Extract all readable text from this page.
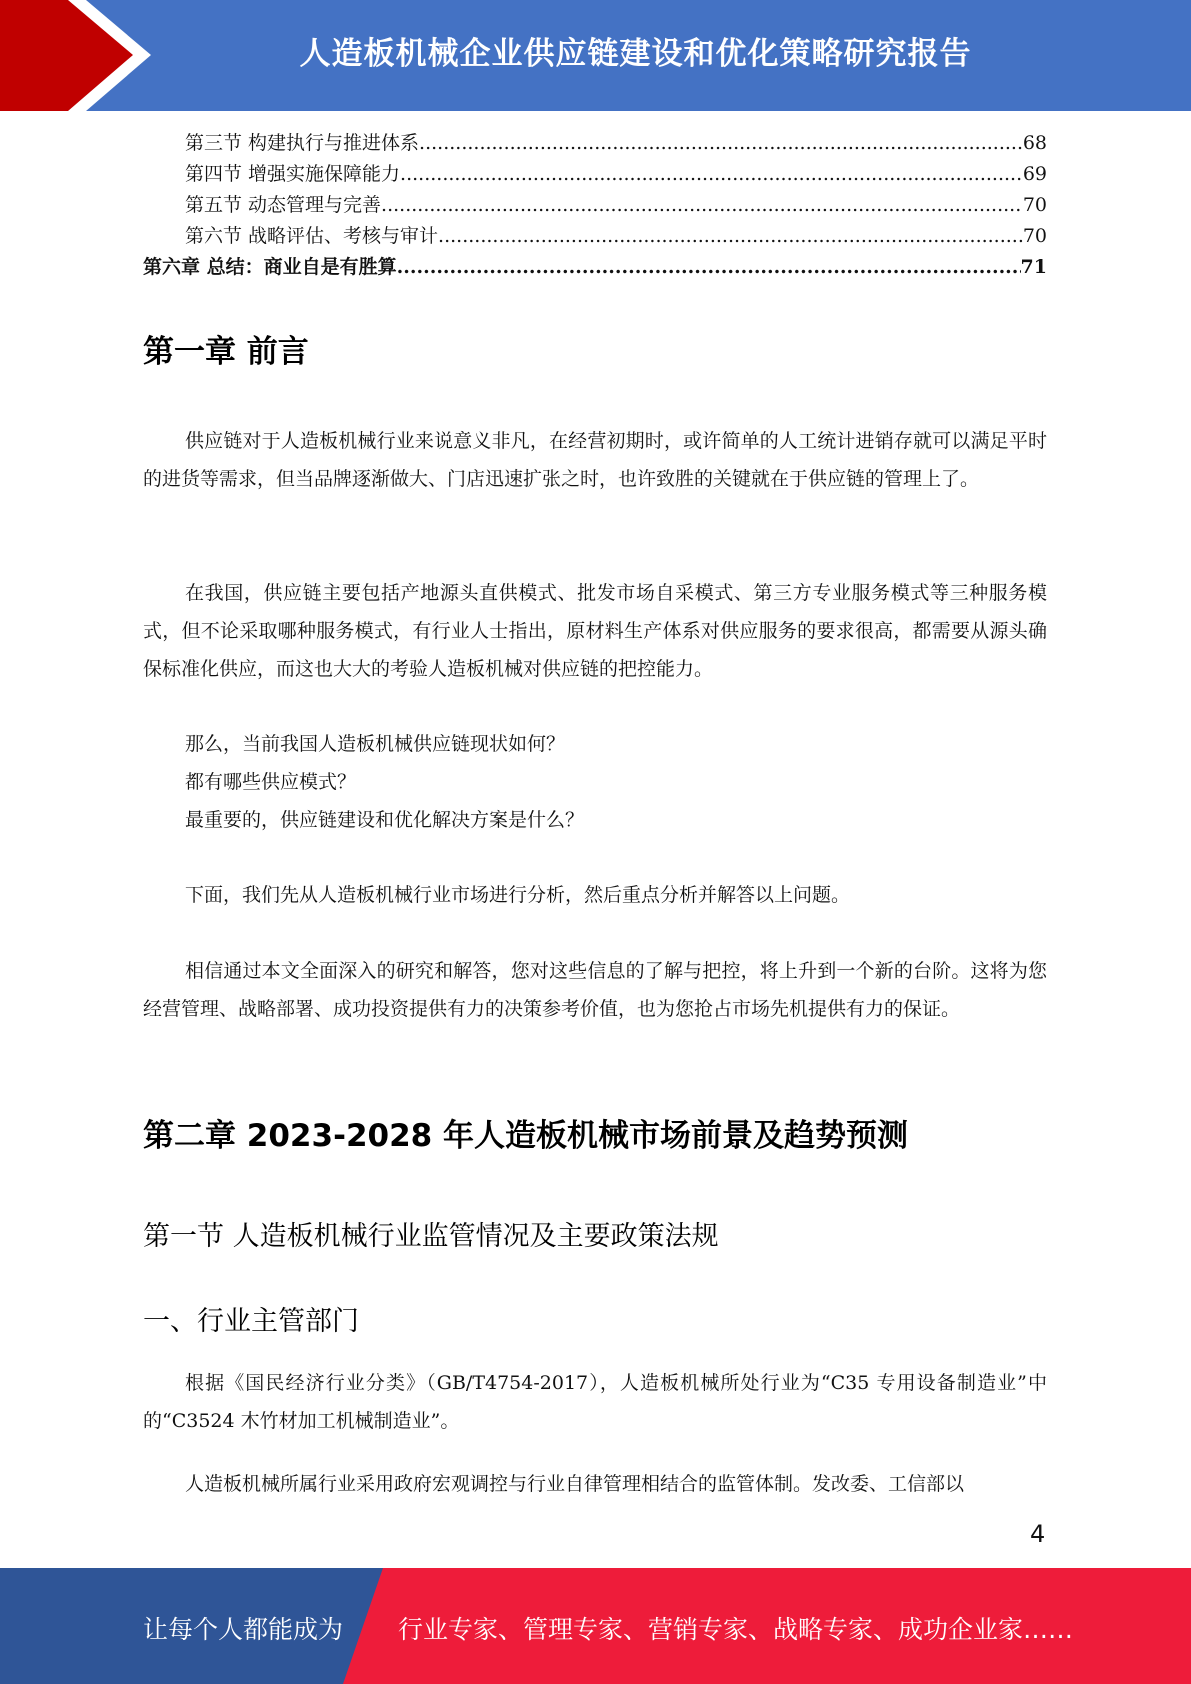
人造板机械企业供应链建设和优化策略研究报告
第三节 构建执行与推进体系 .....	68
第四节 增强实施保障能力 .....	69
第五节 动态管理与完善 .....	70
第六节 战略评估、考核与审计 .....	70
第六章 总结：商业自是有胜算 .....	71
第一章 前言

供应链对于人造板机械行业来说意义非凡，在经营初期时，或许简单的人工统计进销存就可以满足平时的进货等需求，但当品牌逐渐做大、门店迅速扩张之时，也许致胜的关键就在于供应链的管理上了。

在我国，供应链主要包括产地源头直供模式、批发市场自采模式、第三方专业服务模式等三种服务模式，但不论采取哪种服务模式，有行业人士指出，原材料生产体系对供应服务的要求很高，都需要从源头确保标准化供应，而这也大大的考验人造板机械对供应链的把控能力。

那么，当前我国人造板机械供应链现状如何？
都有哪些供应模式？
最重要的，供应链建设和优化解决方案是什么？

下面，我们先从人造板机械行业市场进行分析，然后重点分析并解答以上问题。

相信通过本文全面深入的研究和解答，您对这些信息的了解与把控，将上升到一个新的台阶。这将为您经营管理、战略部署、成功投资提供有力的决策参考价值，也为您抢占市场先机提供有力的保证。

第二章 2023-2028 年人造板机械市场前景及趋势预测
第一节 人造板机械行业监管情况及主要政策法规
一、行业主管部门

根据《国民经济行业分类》（GB/T4754-2017），人造板机械所处行业为“C35 专用设备制造业”中的“C3524 木竹材加工机械制造业”。

人造板机械所属行业采用政府宏观调控与行业自律管理相结合的监管体制。发改委、工信部以

4
让每个人都能成为 行业专家、管理专家、营销专家、战略专家、成功企业家……
